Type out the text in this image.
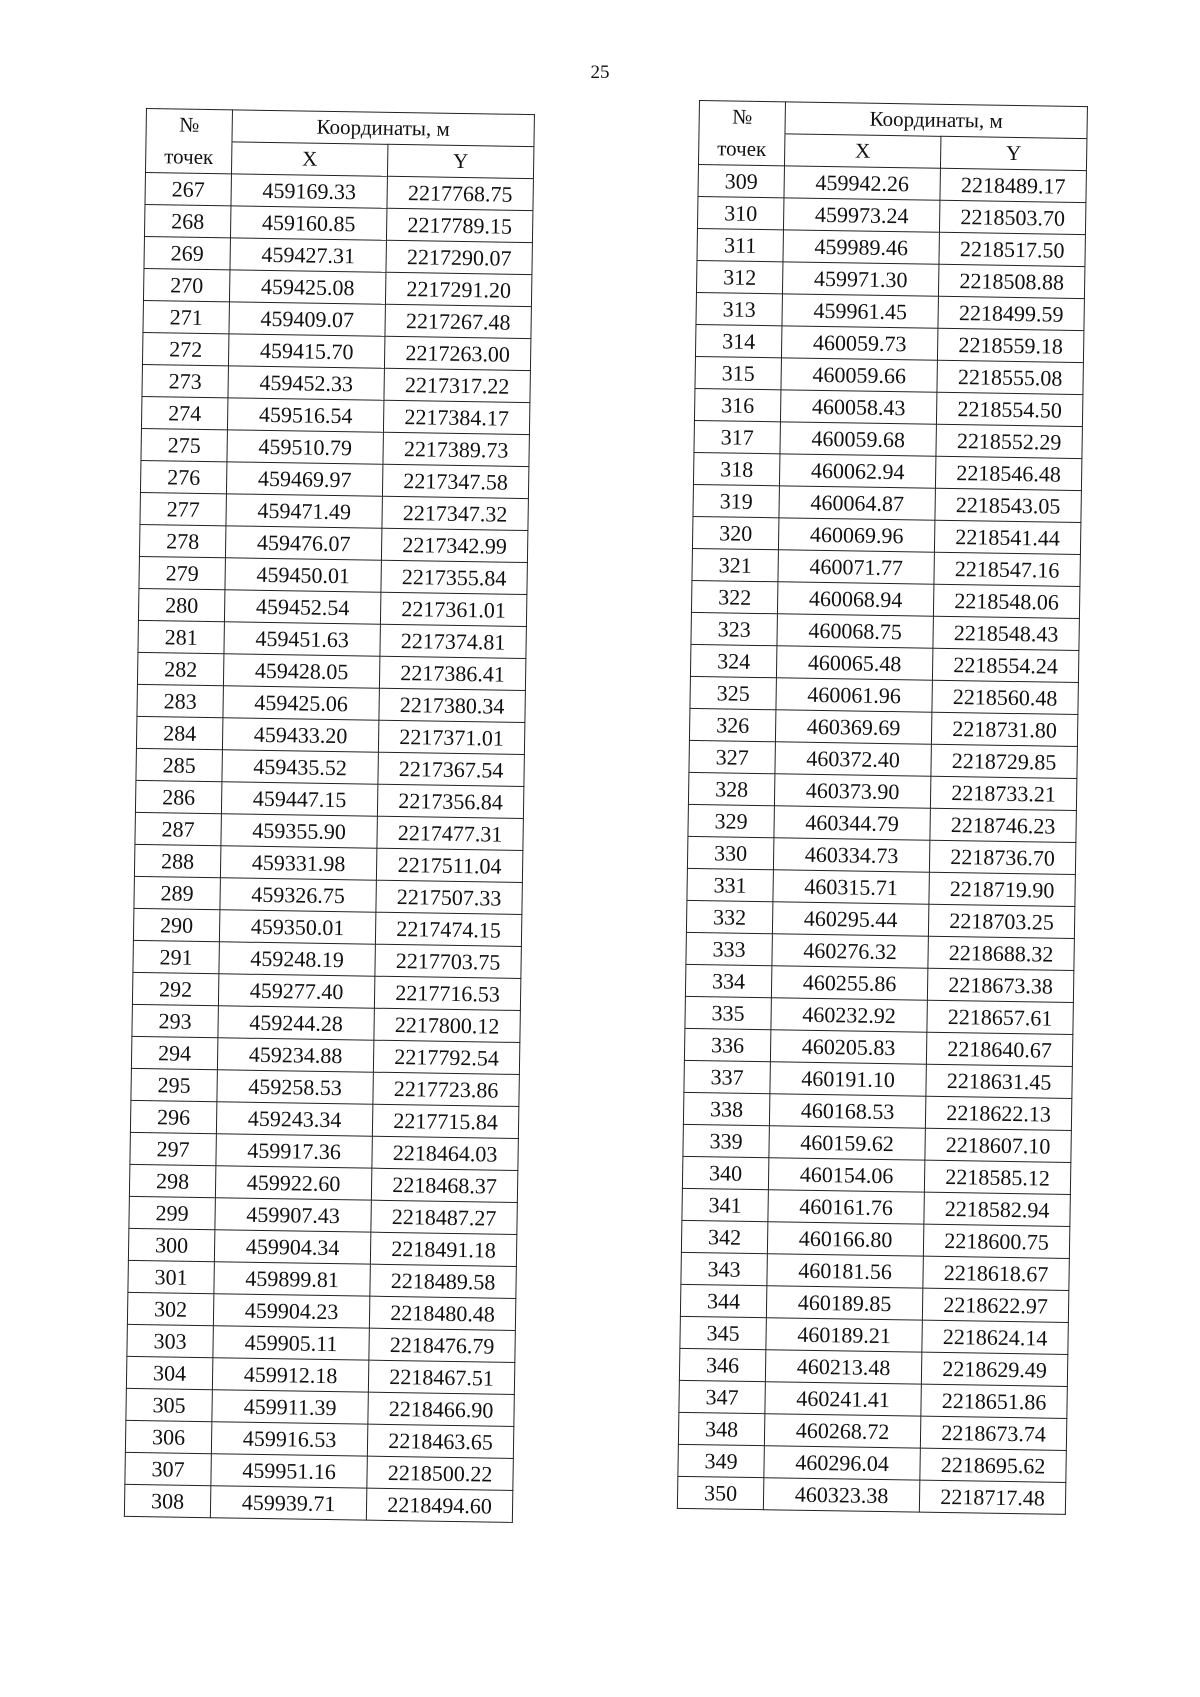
25
№	Координаты, м	
точек	X	Y
267	459169.33	2217768.75
268	459160.85	2217789.15
269	459427.31	2217290.07
270	459425.08	2217291.20
271	459409.07	2217267.48
272	459415.70	2217263.00
273	459452.33	2217317.22
274	459516.54	2217384.17
275	459510.79	2217389.73
276	459469.97	2217347.58
277	459471.49	2217347.32
278	459476.07	2217342.99
279	459450.01	2217355.84
280	459452.54	2217361.01
281	459451.63	2217374.81
282	459428.05	2217386.41
283	459425.06	2217380.34
284	459433.20	2217371.01
285	459435.52	2217367.54
286	459447.15	2217356.84
287	459355.90	2217477.31
288	459331.98	2217511.04
289	459326.75	2217507.33
290	459350.01	2217474.15
291	459248.19	2217703.75
292	459277.40	2217716.53
293	459244.28	2217800.12
294	459234.88	2217792.54
295	459258.53	2217723.86
296	459243.34	2217715.84
297	459917.36	2218464.03
298	459922.60	2218468.37
299	459907.43	2218487.27
300	459904.34	2218491.18
301	459899.81	2218489.58
302	459904.23	2218480.48
303	459905.11	2218476.79
304	459912.18	2218467.51
305	459911.39	2218466.90
306	459916.53	2218463.65
307	459951.16	2218500.22
308	459939.71	2218494.60
№	Координаты, м	
точек	X	Y
309	459942.26	2218489.17
310	459973.24	2218503.70
311	459989.46	2218517.50
312	459971.30	2218508.88
313	459961.45	2218499.59
314	460059.73	2218559.18
315	460059.66	2218555.08
316	460058.43	2218554.50
317	460059.68	2218552.29
318	460062.94	2218546.48
319	460064.87	2218543.05
320	460069.96	2218541.44
321	460071.77	2218547.16
322	460068.94	2218548.06
323	460068.75	2218548.43
324	460065.48	2218554.24
325	460061.96	2218560.48
326	460369.69	2218731.80
327	460372.40	2218729.85
328	460373.90	2218733.21
329	460344.79	2218746.23
330	460334.73	2218736.70
331	460315.71	2218719.90
332	460295.44	2218703.25
333	460276.32	2218688.32
334	460255.86	2218673.38
335	460232.92	2218657.61
336	460205.83	2218640.67
337	460191.10	2218631.45
338	460168.53	2218622.13
339	460159.62	2218607.10
340	460154.06	2218585.12
341	460161.76	2218582.94
342	460166.80	2218600.75
343	460181.56	2218618.67
344	460189.85	2218622.97
345	460189.21	2218624.14
346	460213.48	2218629.49
347	460241.41	2218651.86
348	460268.72	2218673.74
349	460296.04	2218695.62
350	460323.38	2218717.48
